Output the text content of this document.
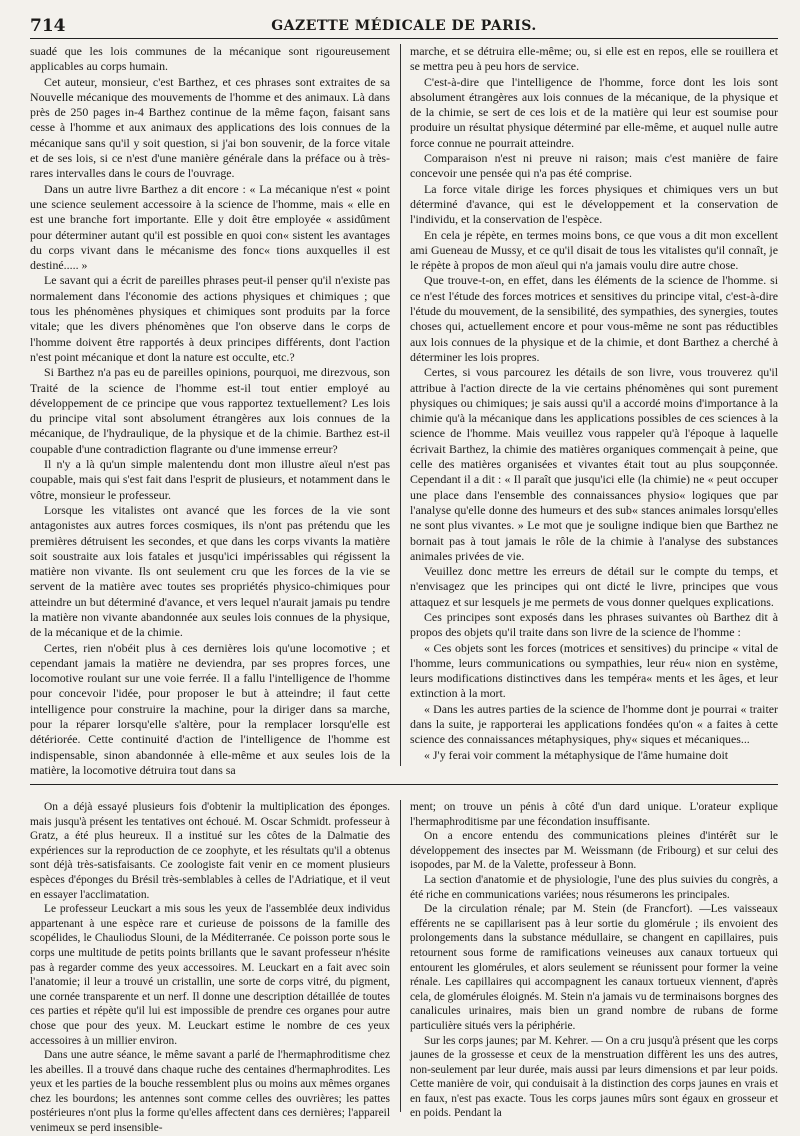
714	GAZETTE MÉDICALE DE PARIS.

suadé que les lois communes de la mécanique sont rigoureusement applicables au corps humain.

Cet auteur, monsieur, c'est Barthez, et ces phrases sont extraites de sa Nouvelle mécanique des mouvements de l'homme et des animaux. Là dans près de 250 pages in-4 Barthez continue de la même façon, faisant sans cesse à l'homme et aux animaux des applications des lois connues de la mécanique sans qu'il y soit question, si j'ai bon souvenir, de la force vitale et de ses lois, si ce n'est d'une manière générale dans la préface ou à très-rares intervalles dans le cours de l'ouvrage.

Dans un autre livre Barthez a dit encore : « La mécanique n'est « point une science seulement accessoire à la science de l'homme, mais « elle en est une branche fort importante. Elle y doit être employée « assidûment pour déterminer autant qu'il est possible en quoi con« sistent les avantages du corps vivant dans le mécanisme des fonc« tions auxquelles il est destiné..... »

Le savant qui a écrit de pareilles phrases peut-il penser qu'il n'existe pas normalement dans l'économie des actions physiques et chimiques ; que tous les phénomènes physiques et chimiques sont produits par la force vitale; que les divers phénomènes que l'on observe dans le corps de l'homme doivent être rapportés à deux principes différents, dont l'action n'est point mécanique et dont la nature est occulte, etc.?

Si Barthez n'a pas eu de pareilles opinions, pourquoi, me direzvous, son Traité de la science de l'homme est-il tout entier employé au développement de ce principe que vous rapportez textuellement? Les lois du principe vital sont absolument étrangères aux lois connues de la mécanique, de l'hydraulique, de la physique et de la chimie. Barthez est-il coupable d'une contradiction flagrante ou d'une immense erreur?

Il n'y a là qu'un simple malentendu dont mon illustre aïeul n'est pas coupable, mais qui s'est fait dans l'esprit de plusieurs, et notamment dans le vôtre, monsieur le professeur.

Lorsque les vitalistes ont avancé que les forces de la vie sont antagonistes aux autres forces cosmiques, ils n'ont pas prétendu que les premières détruisent les secondes, et que dans les corps vivants la matière soit soustraite aux lois fatales et jusqu'ici impérissables qui régissent la matière non vivante. Ils ont seulement cru que les forces de la vie se servent de la matière avec toutes ses propriétés physico-chimiques pour atteindre un but déterminé d'avance, et vers lequel n'aurait jamais pu tendre la matière non vivante abandonnée aux seules lois connues de la physique, de la mécanique et de la chimie.

Certes, rien n'obéit plus à ces dernières lois qu'une locomotive ; et cependant jamais la matière ne deviendra, par ses propres forces, une locomotive roulant sur une voie ferrée. Il a fallu l'intelligence de l'homme pour concevoir l'idée, pour proposer le but à atteindre; il faut cette intelligence pour construire la machine, pour la diriger dans sa marche, pour la réparer lorsqu'elle s'altère, pour la remplacer lorsqu'elle est détériorée. Cette continuité d'action de l'intelligence de l'homme est indispensable, sinon abandonnée à elle-même et aux seules lois de la matière, la locomotive détruira tout dans sa

marche, et se détruira elle-même; ou, si elle est en repos, elle se rouillera et se mettra peu à peu hors de service.

C'est-à-dire que l'intelligence de l'homme, force dont les lois sont absolument étrangères aux lois connues de la mécanique, de la physique et de la chimie, se sert de ces lois et de la matière qui leur est soumise pour produire un résultat physique déterminé par elle-même, et auquel nulle autre force connue ne pourrait atteindre.

Comparaison n'est ni preuve ni raison; mais c'est manière de faire concevoir une pensée qui n'a pas été comprise.

La force vitale dirige les forces physiques et chimiques vers un but déterminé d'avance, qui est le développement et la conservation de l'individu, et la conservation de l'espèce.

En cela je répète, en termes moins bons, ce que vous a dit mon excellent ami Gueneau de Mussy, et ce qu'il disait de tous les vitalistes qu'il connaît, je le répète à propos de mon aïeul qui n'a jamais voulu dire autre chose.

Que trouve-t-on, en effet, dans les éléments de la science de l'homme. si ce n'est l'étude des forces motrices et sensitives du principe vital, c'est-à-dire l'étude du mouvement, de la sensibilité, des sympathies, des synergies, toutes choses qui, actuellement encore et pour vous-même ne sont pas réductibles aux lois connues de la physique et de la chimie, et dont Barthez a cherché à déterminer les lois propres.

Certes, si vous parcourez les détails de son livre, vous trouverez qu'il attribue à l'action directe de la vie certains phénomènes qui sont purement physiques ou chimiques; je sais aussi qu'il a accordé moins d'importance à la chimie qu'à la mécanique dans les applications possibles de ces sciences à la science de l'homme. Mais veuillez vous rappeler qu'à l'époque à laquelle écrivait Barthez, la chimie des matières organiques commençait à peine, que celle des matières organisées et vivantes était tout au plus soupçonnée. Cependant il a dit : « Il paraît que jusqu'ici elle (la chimie) ne « peut occuper une place dans l'ensemble des connaissances physio« logiques que par l'analyse qu'elle donne des humeurs et des sub« stances animales lorsqu'elles ne sont plus vivantes. » Le mot que je souligne indique bien que Barthez ne bornait pas à tout jamais le rôle de la chimie à l'analyse des substances animales privées de vie.

Veuillez donc mettre les erreurs de détail sur le compte du temps, et n'envisagez que les principes qui ont dicté le livre, principes que vous attaquez et sur lesquels je me permets de vous donner quelques explications.

Ces principes sont exposés dans les phrases suivantes où Barthez dit à propos des objets qu'il traite dans son livre de la science de l'homme :

« Ces objets sont les forces (motrices et sensitives) du principe « vital de l'homme, leurs communications ou sympathies, leur réu« nion en système, leurs modifications distinctives dans les tempéra« ments et les âges, et leur extinction à la mort.

« Dans les autres parties de la science de l'homme dont je pourrai « traiter dans la suite, je rapporterai les applications fondées qu'on « a faites à cette science des connaissances métaphysiques, phy« siques et mécaniques...

« J'y ferai voir comment la métaphysique de l'âme humaine doit

On a déjà essayé plusieurs fois d'obtenir la multiplication des éponges. mais jusqu'à présent les tentatives ont échoué. M. Oscar Schmidt. professeur à Gratz, a été plus heureux. Il a institué sur les côtes de la Dalmatie des expériences sur la reproduction de ce zoophyte, et les résultats qu'il a obtenus sont déjà très-satisfaisants. Ce zoologiste fait venir en ce moment plusieurs espèces d'éponges du Brésil très-semblables à celles de l'Adriatique, et il veut en essayer l'acclimatation.

Le professeur Leuckart a mis sous les yeux de l'assemblée deux individus appartenant à une espèce rare et curieuse de poissons de la famille des scopélides, le Chauliodus Slouni, de la Méditerranée. Ce poisson porte sous le corps une multitude de petits points brillants que le savant professeur n'hésite pas à regarder comme des yeux accessoires. M. Leuckart en a fait avec soin l'anatomie; il leur a trouvé un cristallin, une sorte de corps vitré, du pigment, une cornée transparente et un nerf. Il donne une description détaillée de toutes ces parties et répète qu'il lui est impossible de prendre ces organes pour autre chose que pour des yeux. M. Leuckart estime le nombre de ces yeux accessoires à un millier environ.

Dans une autre séance, le même savant a parlé de l'hermaphroditisme chez les abeilles. Il a trouvé dans chaque ruche des centaines d'hermaphrodites. Les yeux et les parties de la bouche ressemblent plus ou moins aux mêmes organes chez les bourdons; les antennes sont comme celles des ouvrières; les pattes postérieures n'ont plus la forme qu'elles affectent dans ces dernières; l'appareil venimeux se perd insensible-

ment; on trouve un pénis à côté d'un dard unique. L'orateur explique l'hermaphroditisme par une fécondation insuffisante.

On a encore entendu des communications pleines d'intérêt sur le développement des insectes par M. Weissmann (de Fribourg) et sur celui des isopodes, par M. de la Valette, professeur à Bonn.

La section d'anatomie et de physiologie, l'une des plus suivies du congrès, a été riche en communications variées; nous résumerons les principales.

De la circulation rénale; par M. Stein (de Francfort). —Les vaisseaux efférents ne se capillarisent pas à leur sortie du glomérule ; ils envoient des prolongements dans la substance médullaire, se changent en capillaires, puis retournent sous forme de ramifications veineuses aux canaux tortueux qui entourent les glomérules, et alors seulement se réunissent pour former la veine rénale. Les capillaires qui accompagnent les canaux tortueux viennent, d'après cela, de glomérules éloignés. M. Stein n'a jamais vu de terminaisons borgnes des canalicules urinaires, mais bien un grand nombre de rubans de forme particulière situés vers la périphérie.

Sur les corps jaunes; par M. Kehrer. — On a cru jusqu'à présent que les corps jaunes de la grossesse et ceux de la menstruation diffèrent les uns des autres, non-seulement par leur durée, mais aussi par leurs dimensions et par leur poids. Cette manière de voir, qui conduisait à la distinction des corps jaunes en vrais et en faux, n'est pas exacte. Tous les corps jaunes mûrs sont égaux en grosseur et en poids. Pendant la
